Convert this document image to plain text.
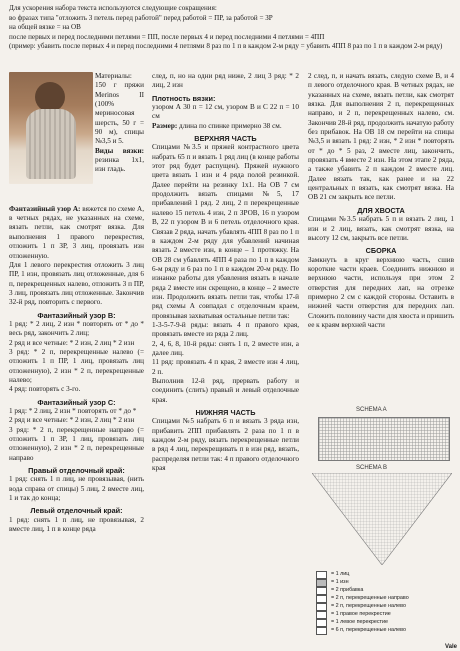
Для ускорения набора текста используются следующие сокращения:

во фразах типа "отложить 3 петель перед работой" перед работой = ПР, за работой = ЗР

на общей вязке = на ОВ

после первых и перед последними петлями = ПП, после первых 4 и перед последними 4 петлями = 4ПП

(пример: убавить после первых 4 и перед последними 4 петлями 8 раз по 1 п в каждом 2-м ряду = убавить 4ПП 8 раз по 1 п в каждом 2-м ряду)

Материалы: 150 г пряжи Merinos II (100% мериносовая шерсть, 50 г = 90 м), спицы №3,5 и 5.

Виды вязки: резинка 1х1, изн гладь.

Фантазийный узор А: вяжется по схеме А, в четных рядах, не указанных на схеме, вязать петли, как смотрят вязка. Для выполнения 1 правого перекрестия, отложить 1 п ЗР, 3 лиц, провязать изн отложенную.

Для 1 левого перекрестия отложить 3 лиц ПР, 1 изн, провязать лиц отложенные, для 6 п, перекрещенных налево, отложить 3 п ПР, 3 лиц, провязать лиц отложенные. Закончив 32-й ряд, повторить с первого.

Фантазийный узор В:

1 ряд: * 2 лиц, 2 изн * повторять от * до * весь ряд, закончить 2 лиц;

2 ряд и все четные: * 2 изн, 2 лиц * 2 изн

3 ряд: * 2 п, перекрещенные налево (= отложить 1 п ПР, 1 лиц, провязать лиц отложенную), 2 изн * 2 п, перекрещенные налево;

4 ряд: повторять с 3-го.

Фантазийный узор С:

1 ряд: * 2 лиц, 2 изн * повторять от * до *

2 ряд и все четные: * 2 изн, 2 лиц * 2 изн

3 ряд: * 2 п, перекрещенные направо (= отложить 1 п ЗР, 1 лиц, провязать лиц отложенную), 2 изн * 2 п, перекрещенные направо

Правый отделочный край:

1 ряд: снять 1 п лиц, не провязывая, (нить вода справа от спицы) 5 лиц, 2 вместе лиц, 1 и так до конца;

Левый отделочный край:

1 ряд: снять 1 п лиц, не провязывая, 2 вместе лиц, 1 п в конце ряда

след, п, но на одни ряд ниже, 2 лиц 3 ряд: * 2 лиц, 2 изн

Плотность вязки:

узором А 30 п = 12 см, узором В и С 22 п = 10 см

Размер: длина по спинке примерно 38 см.

ВЕРХНЯЯ ЧАСТЬ

Спицами №3.5 и пряжей контрастного цвета набрать 65 п и вязать 1 ряд лиц (в конце работы этот ряд будет распущен). Пряжей нужного цвета вязать 1 изн и 4 ряда полой резинкой. Далее перейти на резинку 1х1. На ОВ 7 см продолжить вязать спицами №5, 17 прибавлений 1 ряд. 2 лиц, 2 п перекрещенные налево 15 петель 4 изн, 2 п ЗРОВ, 16 п узором В, 22 п узором В и 6 петель отделочного края. Связав 2 ряда, начать убавлять 4ПП 8 раз по 1 п в каждом 2-м ряду для убавлений начиная вязать 2 вместе изн, в конце – 1 протяжку. На ОВ 28 см убавлять 4ПП 4 раза по 1 п в каждом 6-м ряду и 6 раз по 1 п в каждом 20-м ряду. По изнанке работы для убавления вязать в начале ряда 2 вместе изн скрещено, в конце – 2 вместе изн. Продолжить вязать петли так, чтобы 17-й ряд схемы А совпадал с отделочным краем, провязывая захватывая остальные петли так:

1-3-5-7-9-й ряды: вязать 4 п правого края, провязать вместе из ряда 2 лиц.

2, 4, 6, 8, 10-й ряды: снять 1 п, 2 вместе изн, а далее лиц.

11 ряд: провязать 4 п края, 2 вместе изн 4 лиц, 2 п.

Выполнив 12-й ряд, прервать работу и соединить (слить) правый и левый отделочные края.

НИЖНЯЯ ЧАСТЬ

Спицами №5 набрать 6 п и вязать 3 ряда изн, прибавить 2ПП прибавлять 2 раза по 1 п в каждом 2-м ряду, вязать перекрещенные петли в ряд 4 лиц, перекрещивать п в изн ряд, вязать, распределяя петли так: 4 п правого отделочного края

2 след, п, и начать вязать, следую схеме В, и 4 п левого отделочного края. В четных рядах, не указанных на схеме, вязать петли, как смотрят вязка. Для выполнения 2 п, перекрещенных направо, и 2 п, перекрещенных налево, см. Закончив 28-й ряд, продолжить начатую работу без прибавок. На ОВ 18 см перейти на спицы №3,5 и вязать 1 ряд: 2 изн, * 2 изн * повторять от * до * 5 раз, 2 вместе лиц, закончить, провязать 4 вместе 2 изн. На этом этапе 2 ряда, а также убавить 2 п каждом 2 вместе лиц. Далее вязать так, как ранее и на 22 центральных п вязать, как смотрят вязка. На ОВ 21 см закрыть все петли.

ДЛЯ ХВОСТА

Спицами №3.5 набрать 5 п и вязать 2 лиц, 1 изн и 2 лиц, вязать, как смотрят вязка, на высоту 12 см, закрыть все петли.

СБОРКА

Замкнуть в круг верхнюю часть, сшив короткие части краев. Соединить нижнюю и верхнюю части, используя при этом 2 отверстия для передних лап, на отрезке примерно 2 см с каждой стороны. Оставить в нижней части отверстия для передних лап. Сложить половину части для хвоста и пришить ее к краям верхней части

SCHEMA A
SCHEMA B
= 1 лиц
= 1 изн
= 2 прибавка
= 2 п, перекрещенные направо
= 2 п, перекрещенные налево
= 1 правое перекрестие
= 1 левое перекрестие
= 6 п, перекрещенные налево
Vale
